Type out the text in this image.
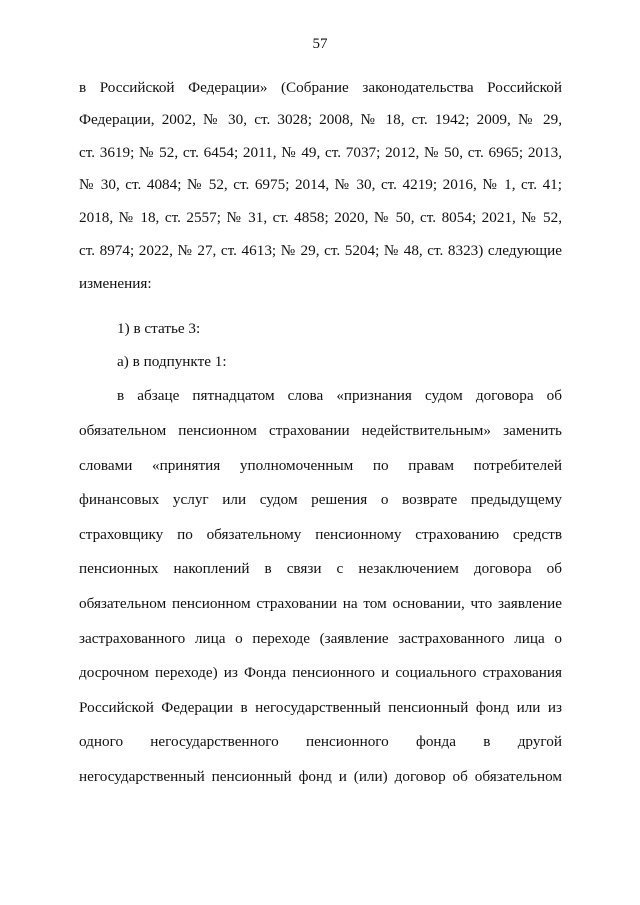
57
в Российской Федерации» (Собрание законодательства Российской
Федерации, 2002, № 30, ст. 3028; 2008, № 18, ст. 1942; 2009, № 29,
ст. 3619; № 52, ст. 6454; 2011, № 49, ст. 7037; 2012, № 50, ст. 6965; 2013,
№ 30, ст. 4084; № 52, ст. 6975; 2014, № 30, ст. 4219; 2016, № 1, ст. 41;
2018, № 18, ст. 2557; № 31, ст. 4858; 2020, № 50, ст. 8054; 2021, № 52,
ст. 8974; 2022, № 27, ст. 4613; № 29, ст. 5204; № 48, ст. 8323) следующие
изменения:
1) в статье 3:
а) в подпункте 1:
в абзаце пятнадцатом слова «признания судом договора об
обязательном пенсионном страховании недействительным» заменить
словами «принятия уполномоченным по правам потребителей
финансовых услуг или судом решения о возврате предыдущему
страховщику по обязательному пенсионному страхованию средств
пенсионных накоплений в связи с незаключением договора об
обязательном пенсионном страховании на том основании, что заявление
застрахованного лица о переходе (заявление застрахованного лица о
досрочном переходе) из Фонда пенсионного и социального страхования
Российской Федерации в негосударственный пенсионный фонд или из
одного негосударственного пенсионного фонда в другой
негосударственный пенсионный фонд и (или) договор об обязательном
